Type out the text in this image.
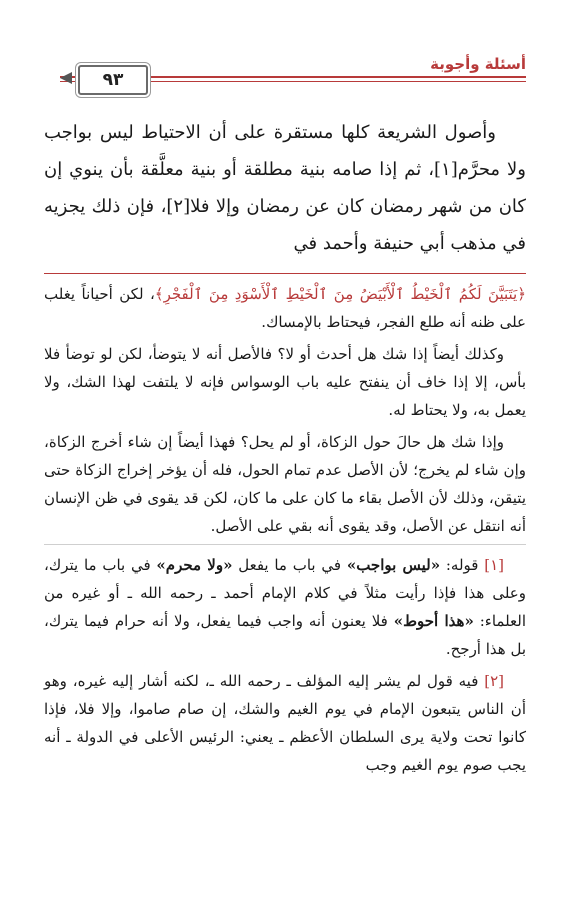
٩٣
أسئلة وأجوبة

وأصول الشريعة كلها مستقرة على أن الاحتياط ليس بواجب ولا محرَّم[١]، ثم إذا صامه بنية مطلقة أو بنية معلَّقة بأن ينوي إن كان من شهر رمضان كان عن رمضان وإلا فلا[٢]، فإن ذلك يجزيه في مذهب أبي حنيفة وأحمد في

﴿يَتَبَيَّنَ لَكُمُ ٱلْخَيْطُ ٱلْأَبْيَضُ مِنَ ٱلْخَيْطِ ٱلْأَسْوَدِ مِنَ ٱلْفَجْرِ﴾، لكن أحياناً يغلب على ظنه أنه طلع الفجر، فيحتاط بالإمساك.

وكذلك أيضاً إذا شك هل أحدث أو لا؟ فالأصل أنه لا يتوضأ، لكن لو توضأ فلا بأس، إلا إذا خاف أن ينفتح عليه باب الوسواس فإنه لا يلتفت لهذا الشك، ولا يعمل به، ولا يحتاط له.

وإذا شك هل حالَ حول الزكاة، أو لم يحل؟ فهذا أيضاً إن شاء أخرج الزكاة، وإن شاء لم يخرج؛ لأن الأصل عدم تمام الحول، فله أن يؤخر إخراج الزكاة حتى يتيقن، وذلك لأن الأصل بقاء ما كان على ما كان، لكن قد يقوى في ظن الإنسان أنه انتقل عن الأصل، وقد يقوى أنه بقي على الأصل.

[١] قوله: «ليس بواجب» في باب ما يفعل «ولا محرم» في باب ما يترك، وعلى هذا فإذا رأيت مثلاً في كلام الإمام أحمد ـ رحمه الله ـ أو غيره من العلماء: «هذا أحوط» فلا يعنون أنه واجب فيما يفعل، ولا أنه حرام فيما يترك، بل هذا أرجح.

[٢] فيه قول لم يشر إليه المؤلف ـ رحمه الله ـ، لكنه أشار إليه غيره، وهو أن الناس يتبعون الإمام في يوم الغيم والشك، إن صام صاموا، وإلا فلا، فإذا كانوا تحت ولاية يرى السلطان الأعظم ـ يعني: الرئيس الأعلى في الدولة ـ أنه يجب صوم يوم الغيم وجب
